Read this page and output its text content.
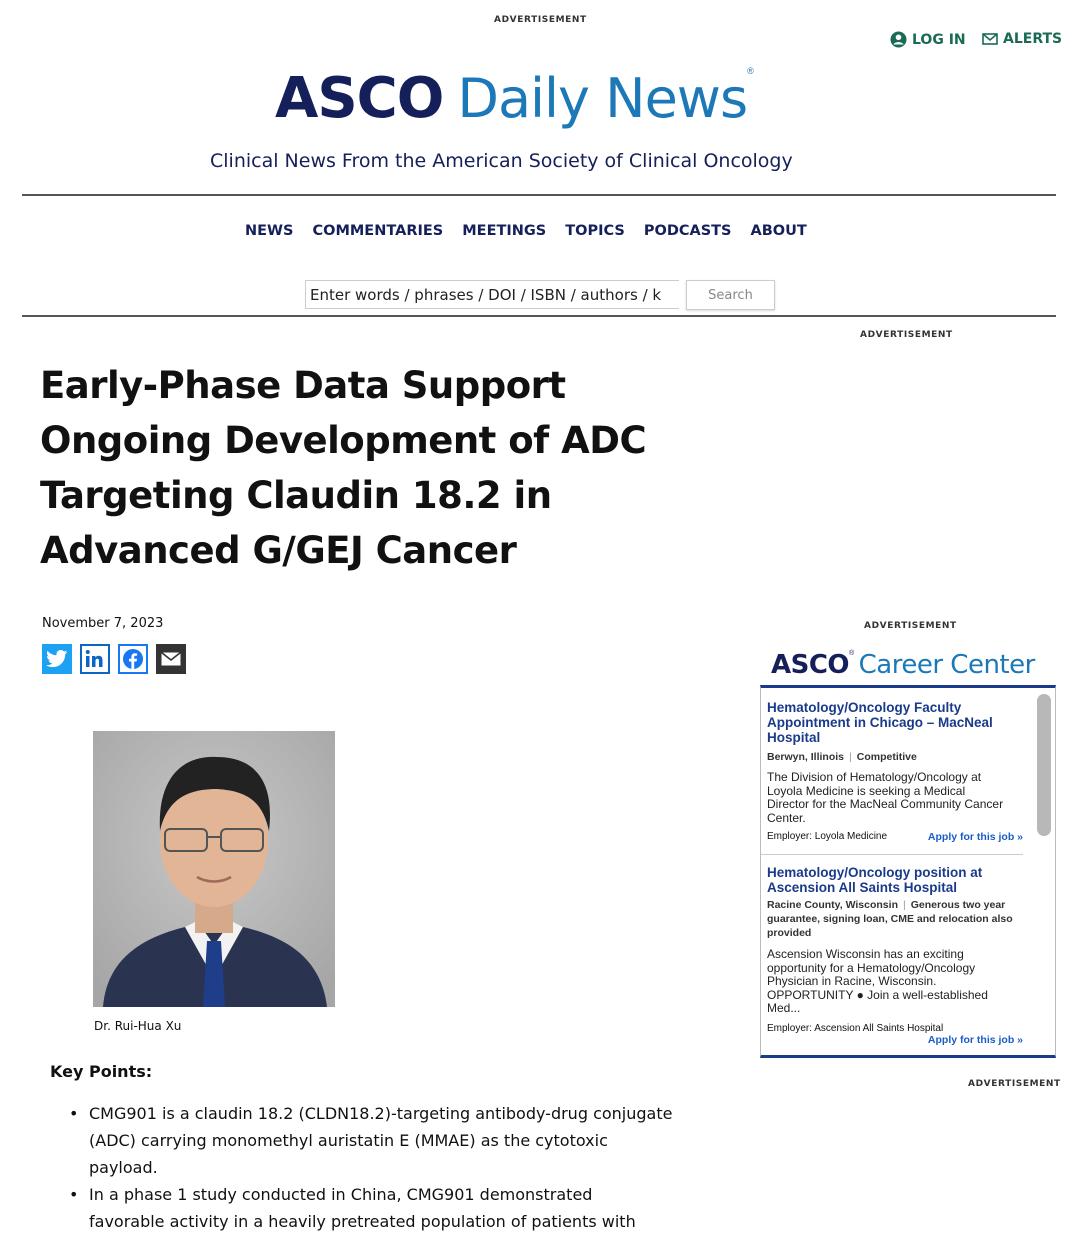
ADVERTISEMENT
LOG IN	ALERTS
ASCO Daily News®
Clinical News From the American Society of Clinical Oncology
NEWS COMMENTARIES MEETINGS TOPICS PODCASTS ABOUT
Enter words / phrases / DOI / ISBN / authors / k
Search
ADVERTISEMENT
Early-Phase Data Support
Ongoing Development of ADC
Targeting Claudin 18.2 in
Advanced G/GEJ Cancer
November 7, 2023
Dr. Rui-Hua Xu
Key Points:
• CMG901 is a claudin 18.2 (CLDN18.2)-targeting antibody-drug conjugate
(ADC) carrying monomethyl auristatin E (MMAE) as the cytotoxic
payload.
• In a phase 1 study conducted in China, CMG901 demonstrated
favorable activity in a heavily pretreated population of patients with
ADVERTISEMENT
ASCO® Career Center
Hematology/Oncology Faculty
Appointment in Chicago – MacNeal
Hospital
Berwyn, Illinois | Competitive
The Division of Hematology/Oncology at
Loyola Medicine is seeking a Medical
Director for the MacNeal Community Cancer
Center.
Employer: Loyola Medicine	Apply for this job »
Hematology/Oncology position at
Ascension All Saints Hospital
Racine County, Wisconsin | Generous two year
guarantee, signing loan, CME and relocation also
provided
Ascension Wisconsin has an exciting
opportunity for a Hematology/Oncology
Physician in Racine, Wisconsin.
OPPORTUNITY ● Join a well-established
Med...
Employer: Ascension All Saints Hospital
Apply for this job »
ADVERTISEMENT
